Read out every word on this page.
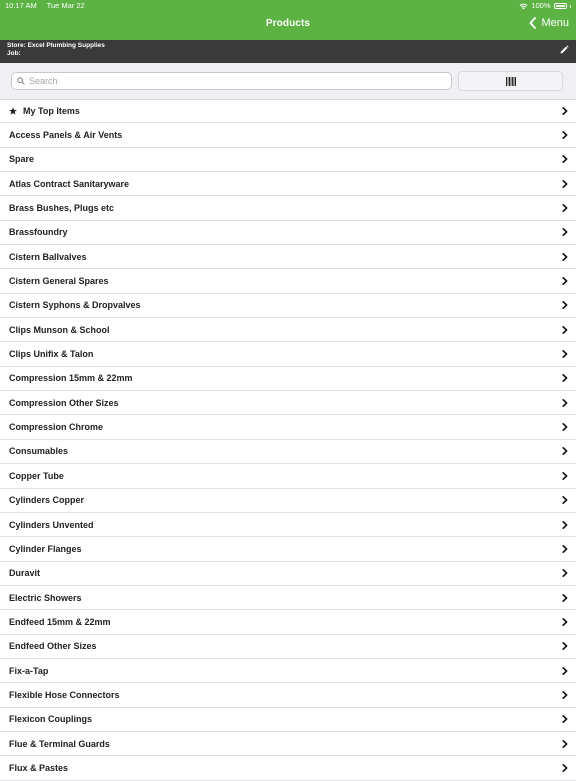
10:17 AM Tue Mar 22	100%
Products	Menu
Store: Excel Plumbing Supplies
Job:
Search
My Top Items
Access Panels & Air Vents
Spare
Atlas Contract Sanitaryware
Brass Bushes, Plugs etc
Brassfoundry
Cistern Ballvalves
Cistern General Spares
Cistern Syphons & Dropvalves
Clips Munson & School
Clips Unifix & Talon
Compression 15mm & 22mm
Compression Other Sizes
Compression Chrome
Consumables
Copper Tube
Cylinders Copper
Cylinders Unvented
Cylinder Flanges
Duravit
Electric Showers
Endfeed 15mm & 22mm
Endfeed Other Sizes
Fix-a-Tap
Flexible Hose Connectors
Flexicon Couplings
Flue & Terminal Guards
Flux & Pastes
